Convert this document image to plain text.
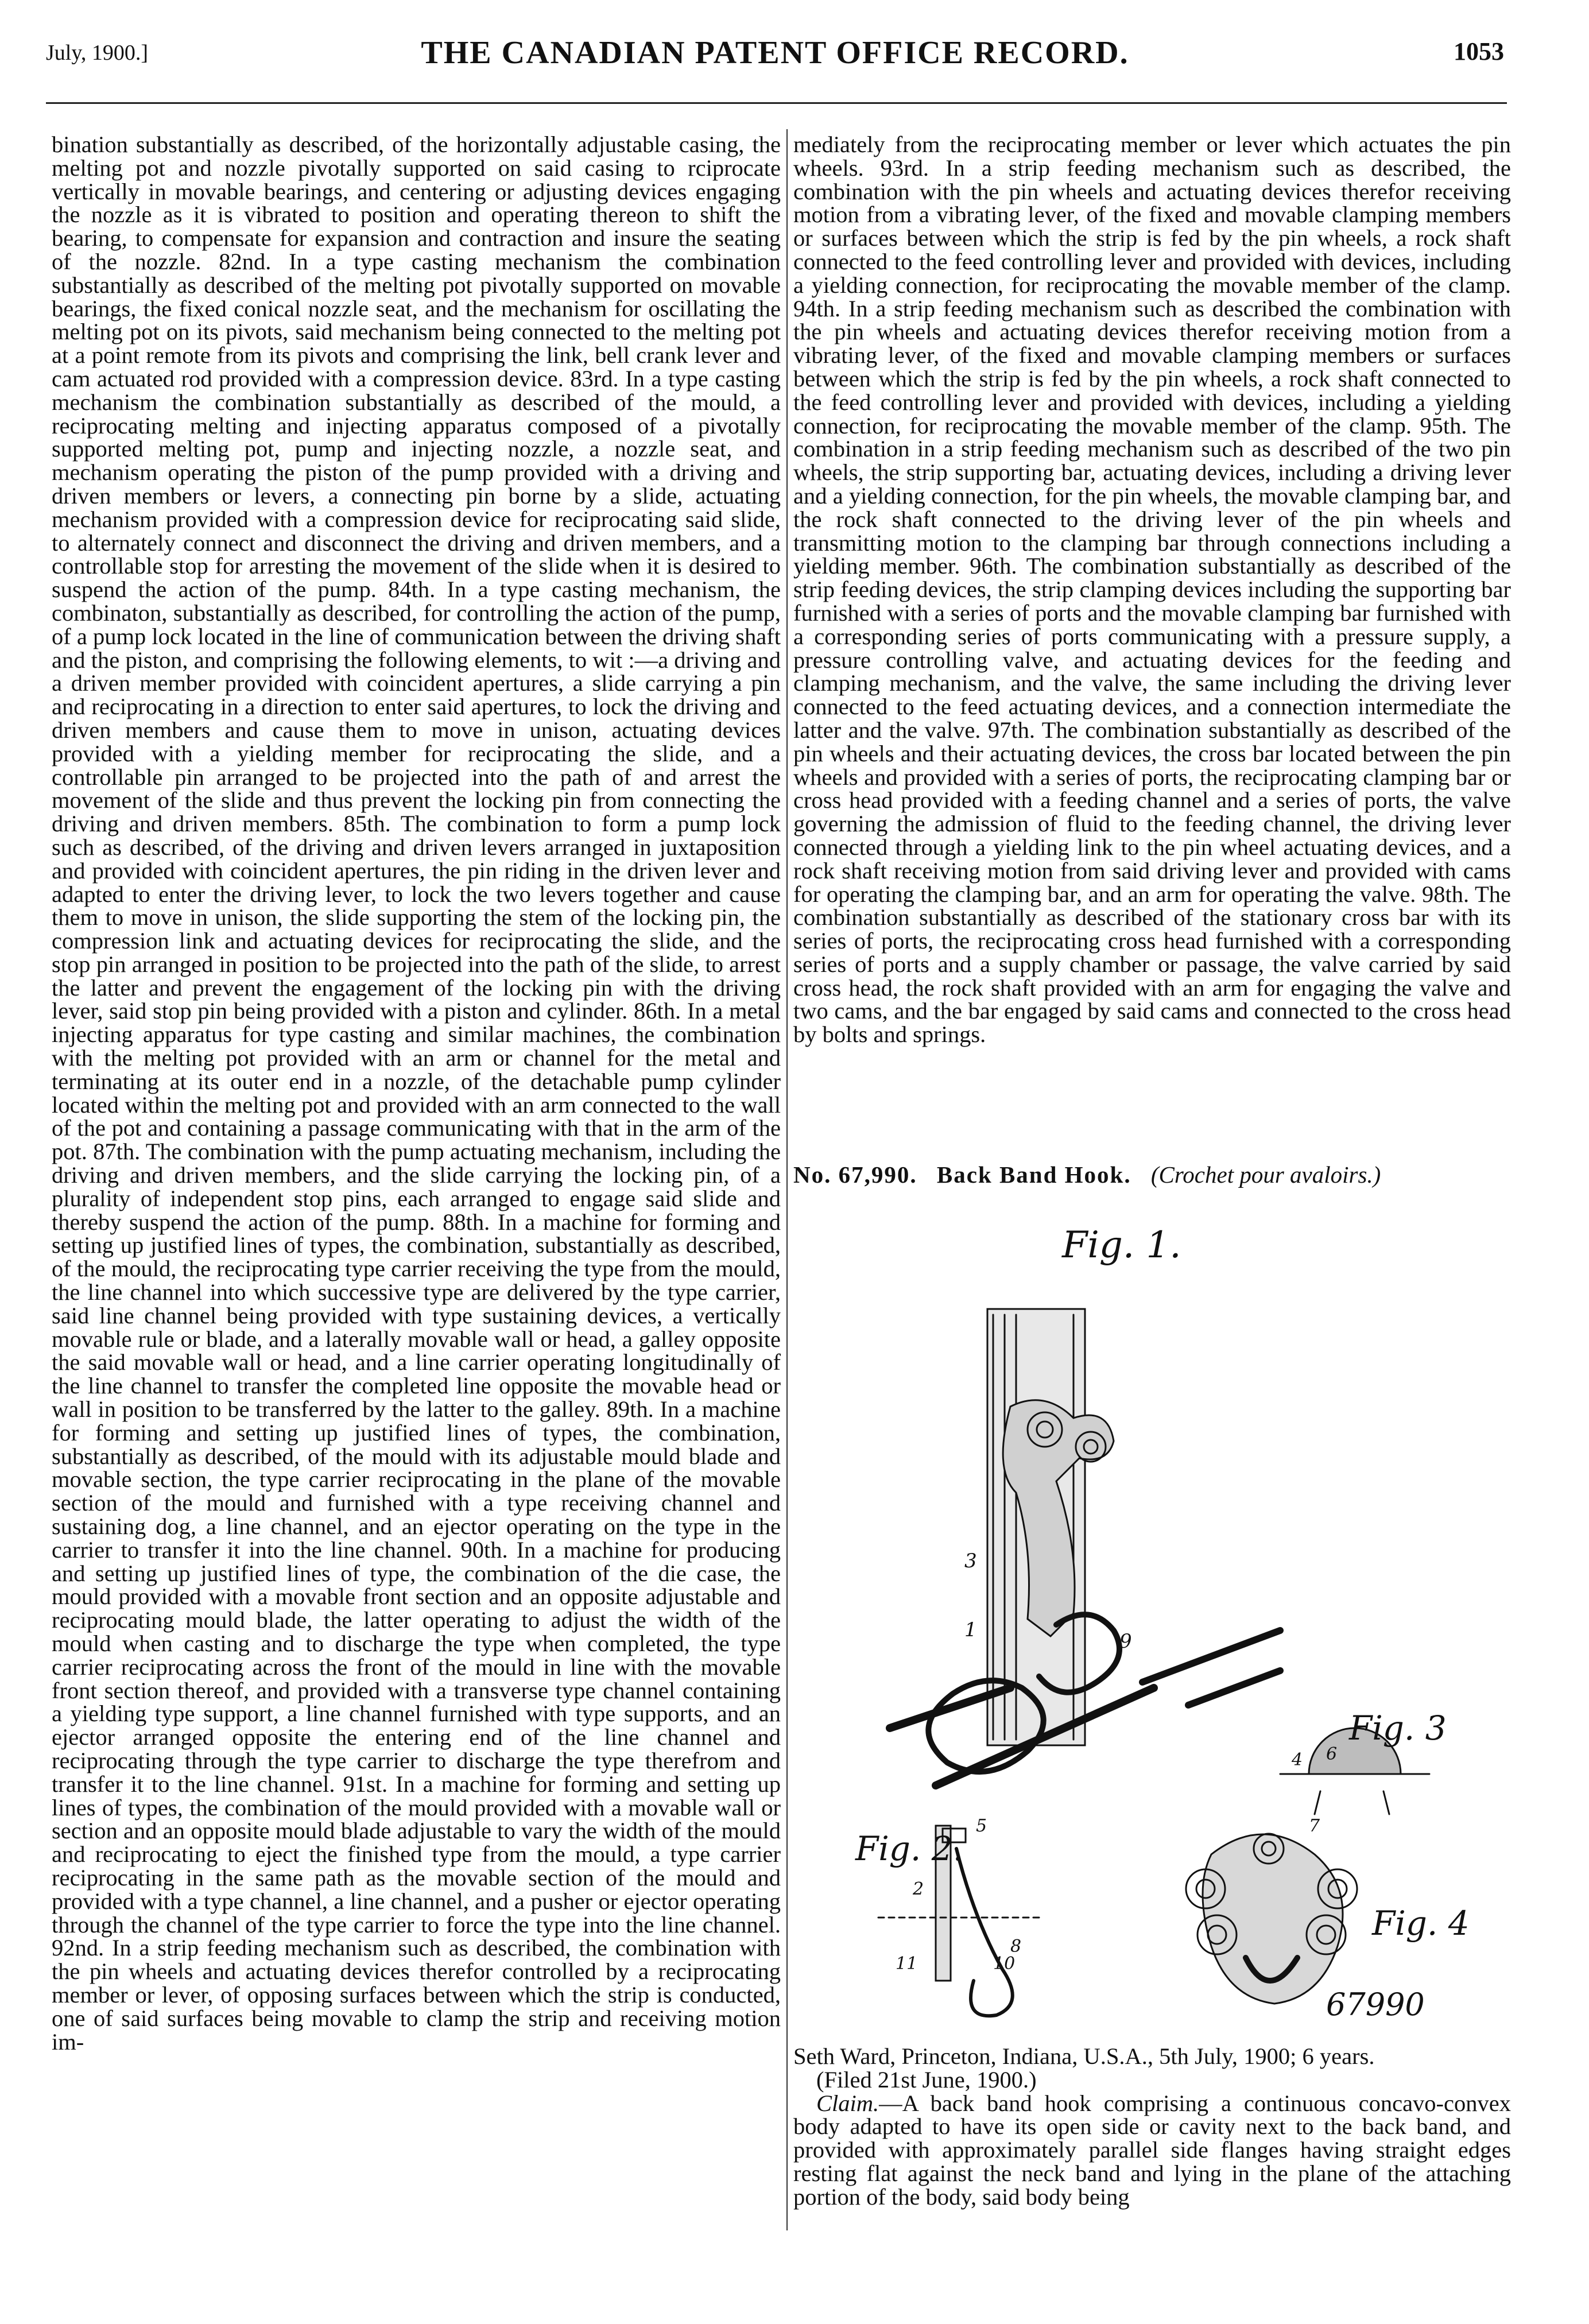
July, 1900.]	THE CANADIAN PATENT OFFICE RECORD.	1053
bination substantially as described, of the horizontally adjustable casing, the melting pot and nozzle pivotally supported on said casing to rciprocate vertically in movable bearings, and centering or adjusting devices engaging the nozzle as it is vibrated to position and operating thereon to shift the bearing, to compensate for expansion and contraction and insure the seating of the nozzle. 82nd. In a type casting mechanism the combination substantially as described of the melting pot pivotally supported on movable bearings, the fixed conical nozzle seat, and the mechanism for oscillating the melting pot on its pivots, said mechanism being connected to the melting pot at a point remote from its pivots and comprising the link, bell crank lever and cam actuated rod provided with a compression device. 83rd. In a type casting mechanism the combination substantially as described of the mould, a reciprocating melting and injecting apparatus composed of a pivotally supported melting pot, pump and injecting nozzle, a nozzle seat, and mechanism operating the piston of the pump provided with a driving and driven members or levers, a connecting pin borne by a slide, actuating mechanism provided with a compression device for reciprocating said slide, to alternately connect and disconnect the driving and driven members, and a controllable stop for arresting the movement of the slide when it is desired to suspend the action of the pump. 84th. In a type casting mechanism, the combinaton, substantially as described, for controlling the action of the pump, of a pump lock located in the line of communication between the driving shaft and the piston, and comprising the following elements, to wit :—a driving and a driven member provided with coincident apertures, a slide carrying a pin and reciprocating in a direction to enter said apertures, to lock the driving and driven members and cause them to move in unison, actuating devices provided with a yielding member for reciprocating the slide, and a controllable pin arranged to be projected into the path of and arrest the movement of the slide and thus prevent the locking pin from connecting the driving and driven members. 85th. The combination to form a pump lock such as described, of the driving and driven levers arranged in juxtaposition and provided with coincident apertures, the pin riding in the driven lever and adapted to enter the driving lever, to lock the two levers together and cause them to move in unison, the slide supporting the stem of the locking pin, the compression link and actuating devices for reciprocating the slide, and the stop pin arranged in position to be projected into the path of the slide, to arrest the latter and prevent the engagement of the locking pin with the driving lever, said stop pin being provided with a piston and cylinder. 86th. In a metal injecting apparatus for type casting and similar machines, the combination with the melting pot provided with an arm or channel for the metal and terminating at its outer end in a nozzle, of the detachable pump cylinder located within the melting pot and provided with an arm connected to the wall of the pot and containing a passage communicating with that in the arm of the pot. 87th. The combination with the pump actuating mechanism, including the driving and driven members, and the slide carrying the locking pin, of a plurality of independent stop pins, each arranged to engage said slide and thereby suspend the action of the pump. 88th. In a machine for forming and setting up justified lines of types, the combination, substantially as described, of the mould, the reciprocating type carrier receiving the type from the mould, the line channel into which successive type are delivered by the type carrier, said line channel being provided with type sustaining devices, a vertically movable rule or blade, and a laterally movable wall or head, a galley opposite the said movable wall or head, and a line carrier operating longitudinally of the line channel to transfer the completed line opposite the movable head or wall in position to be transferred by the latter to the galley. 89th. In a machine for forming and setting up justified lines of types, the combination, substantially as described, of the mould with its adjustable mould blade and movable section, the type carrier reciprocating in the plane of the movable section of the mould and furnished with a type receiving channel and sustaining dog, a line channel, and an ejector operating on the type in the carrier to transfer it into the line channel. 90th. In a machine for producing and setting up justified lines of type, the combination of the die case, the mould provided with a movable front section and an opposite adjustable and reciprocating mould blade, the latter operating to adjust the width of the mould when casting and to discharge the type when completed, the type carrier reciprocating across the front of the mould in line with the movable front section thereof, and provided with a transverse type channel containing a yielding type support, a line channel furnished with type supports, and an ejector arranged opposite the entering end of the line channel and reciprocating through the type carrier to discharge the type therefrom and transfer it to the line channel. 91st. In a machine for forming and setting up lines of types, the combination of the mould provided with a movable wall or section and an opposite mould blade adjustable to vary the width of the mould and reciprocating to eject the finished type from the mould, a type carrier reciprocating in the same path as the movable section of the mould and provided with a type channel, a line channel, and a pusher or ejector operating through the channel of the type carrier to force the type into the line channel. 92nd. In a strip feeding mechanism such as described, the combination with the pin wheels and actuating devices therefor controlled by a reciprocating member or lever, of opposing surfaces between which the strip is conducted, one of said surfaces being movable to clamp the strip and receiving motion im-
mediately from the reciprocating member or lever which actuates the pin wheels. 93rd. In a strip feeding mechanism such as described, the combination with the pin wheels and actuating devices therefor receiving motion from a vibrating lever, of the fixed and movable clamping members or surfaces between which the strip is fed by the pin wheels, a rock shaft connected to the feed controlling lever and provided with devices, including a yielding connection, for reciprocating the movable member of the clamp. 94th. In a strip feeding mechanism such as described the combination with the pin wheels and actuating devices therefor receiving motion from a vibrating lever, of the fixed and movable clamping members or surfaces between which the strip is fed by the pin wheels, a rock shaft connected to the feed controlling lever and provided with devices, including a yielding connection, for reciprocating the movable member of the clamp. 95th. The combination in a strip feeding mechanism such as described of the two pin wheels, the strip supporting bar, actuating devices, including a driving lever and a yielding connection, for the pin wheels, the movable clamping bar, and the rock shaft connected to the driving lever of the pin wheels and transmitting motion to the clamping bar through connections including a yielding member. 96th. The combination substantially as described of the strip feeding devices, the strip clamping devices including the supporting bar furnished with a series of ports and the movable clamping bar furnished with a corresponding series of ports communicating with a pressure supply, a pressure controlling valve, and actuating devices for the feeding and clamping mechanism, and the valve, the same including the driving lever connected to the feed actuating devices, and a connection intermediate the latter and the valve. 97th. The combination substantially as described of the pin wheels and their actuating devices, the cross bar located between the pin wheels and provided with a series of ports, the reciprocating clamping bar or cross head provided with a feeding channel and a series of ports, the valve governing the admission of fluid to the feeding channel, the driving lever connected through a yielding link to the pin wheel actuating devices, and a rock shaft receiving motion from said driving lever and provided with cams for operating the clamping bar, and an arm for operating the valve. 98th. The combination substantially as described of the stationary cross bar with its series of ports, the reciprocating cross head furnished with a corresponding series of ports and a supply chamber or passage, the valve carried by said cross head, the rock shaft provided with an arm for engaging the valve and two cams, and the bar engaged by said cams and connected to the cross head by bolts and springs.
No. 67,990. Back Band Hook. (Crochet pour avaloirs.)
Fig. 1.
Fig. 3
Fig. 2.
Fig. 4
67990
3
1	9
4 6
7
5
2
8
10
11
Seth Ward, Princeton, Indiana, U.S.A., 5th July, 1900; 6 years.
(Filed 21st June, 1900.)
Claim.—A back band hook comprising a continuous concavo-convex body adapted to have its open side or cavity next to the back band, and provided with approximately parallel side flanges having straight edges resting flat against the neck band and lying in the plane of the attaching portion of the body, said body being
